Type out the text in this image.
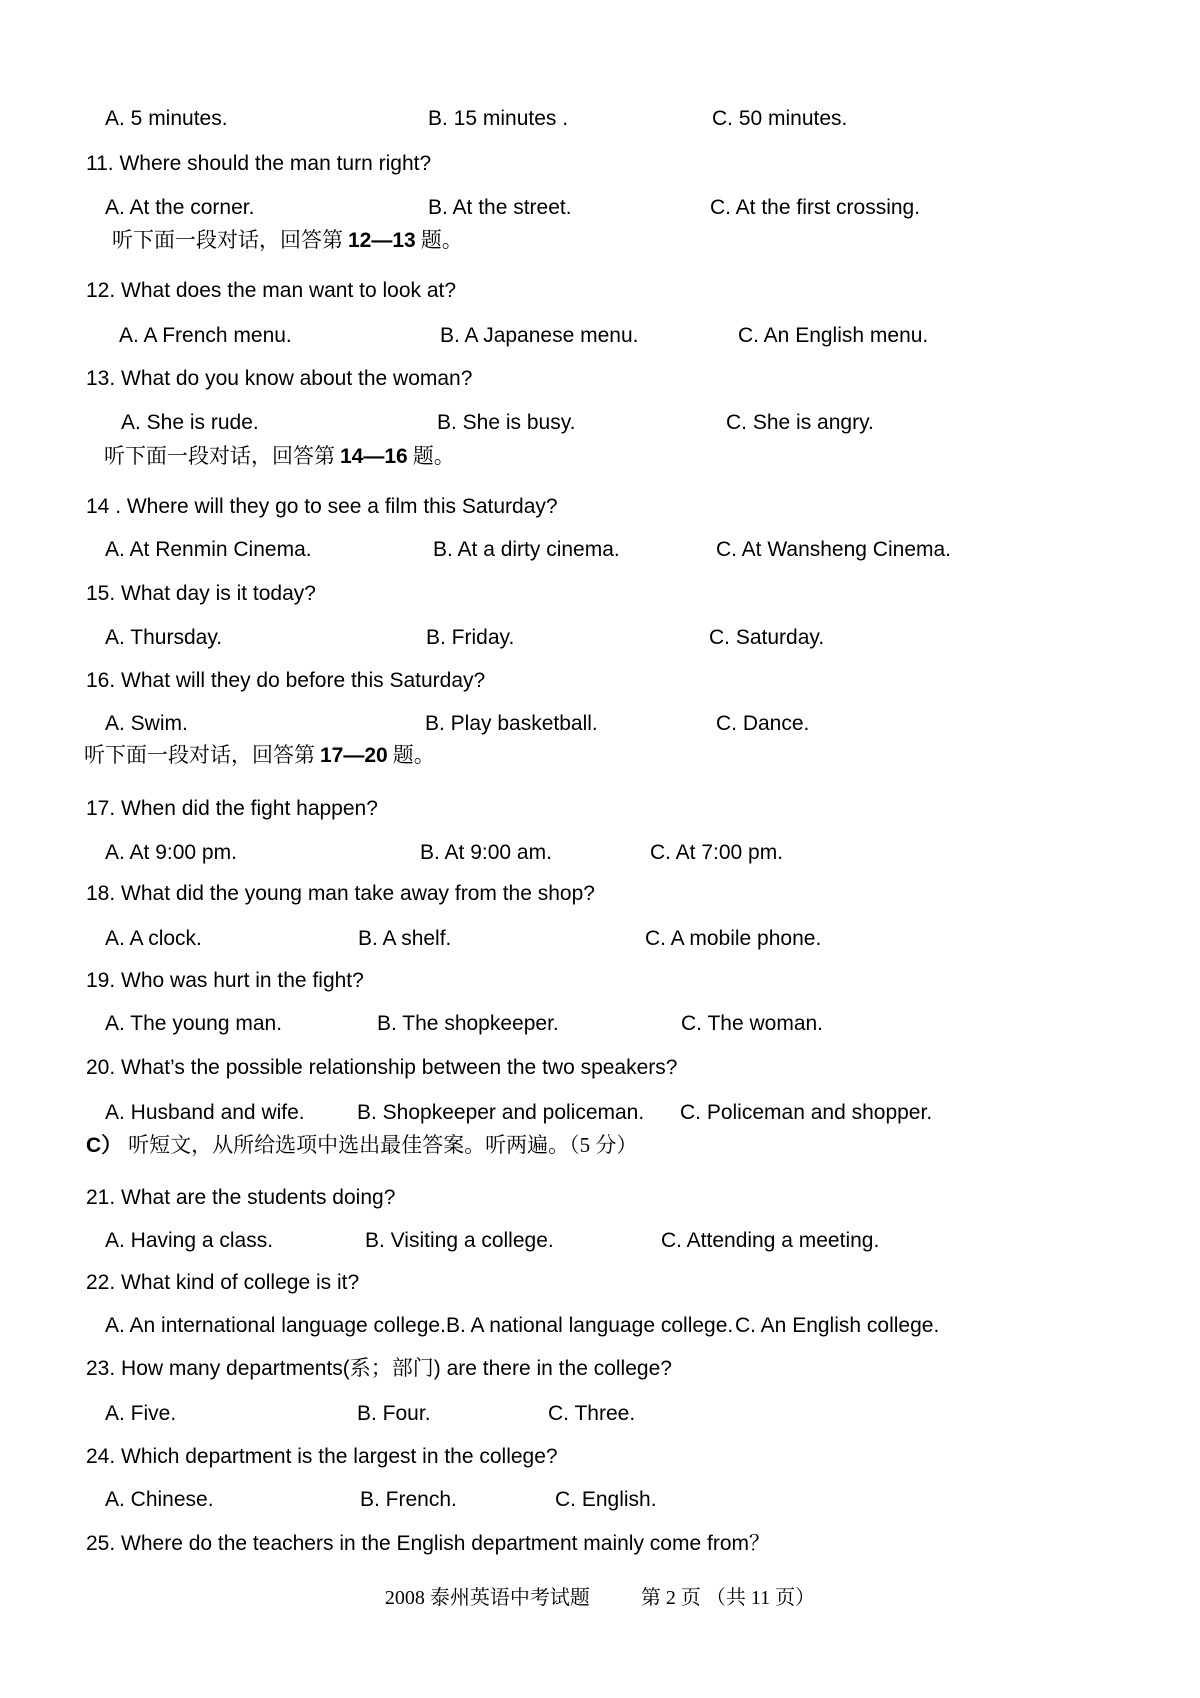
A. 5 minutes.	B. 15 minutes .	C. 50 minutes.
11. Where should the man turn right?
A. At the corner.	B. At the street.	C. At the first crossing.
听下面一段对话，回答第 12—13 题。
12. What does the man want to look at?
A. A French menu.	B. A Japanese menu.	C. An English menu.
13. What do you know about the woman?
A. She is rude.	B. She is busy.	C. She is angry.
听下面一段对话，回答第 14—16 题。
14 . Where will they go to see a film this Saturday?
A. At Renmin Cinema.	B. At a dirty cinema.	C. At Wansheng Cinema.
15. What day is it today?
A. Thursday.	B. Friday.	C. Saturday.
16. What will they do before this Saturday?
A. Swim.	B. Play basketball.	C. Dance.
听下面一段对话，回答第 17—20 题。
17. When did the fight happen?
A. At 9:00 pm.	B. At 9:00 am.	C. At 7:00 pm.
18. What did the young man take away from the shop?
A. A clock.	B. A shelf.	C. A mobile phone.
19. Who was hurt in the fight?
A. The young man.	B. The shopkeeper.	C. The woman.
20. What’s the possible relationship between the two speakers?
A. Husband and wife. B. Shopkeeper and policeman. C. Policeman and shopper.
C） 听短文，从所给选项中选出最佳答案。听两遍。（5 分）
21. What are the students doing?
A. Having a class.	B. Visiting a college.	C. Attending a meeting.
22. What kind of college is it?
A. An international language college. B. A national language college. C. An English college.
23. How many departments(系；部门) are there in the college?
A. Five.	B. Four.	C. Three.
24. Which department is the largest in the college?
A. Chinese.	B. French.	C. English.
25. Where do the teachers in the English department mainly come from？
2008 泰州英语中考试题	第 2 页 （共 11 页）
